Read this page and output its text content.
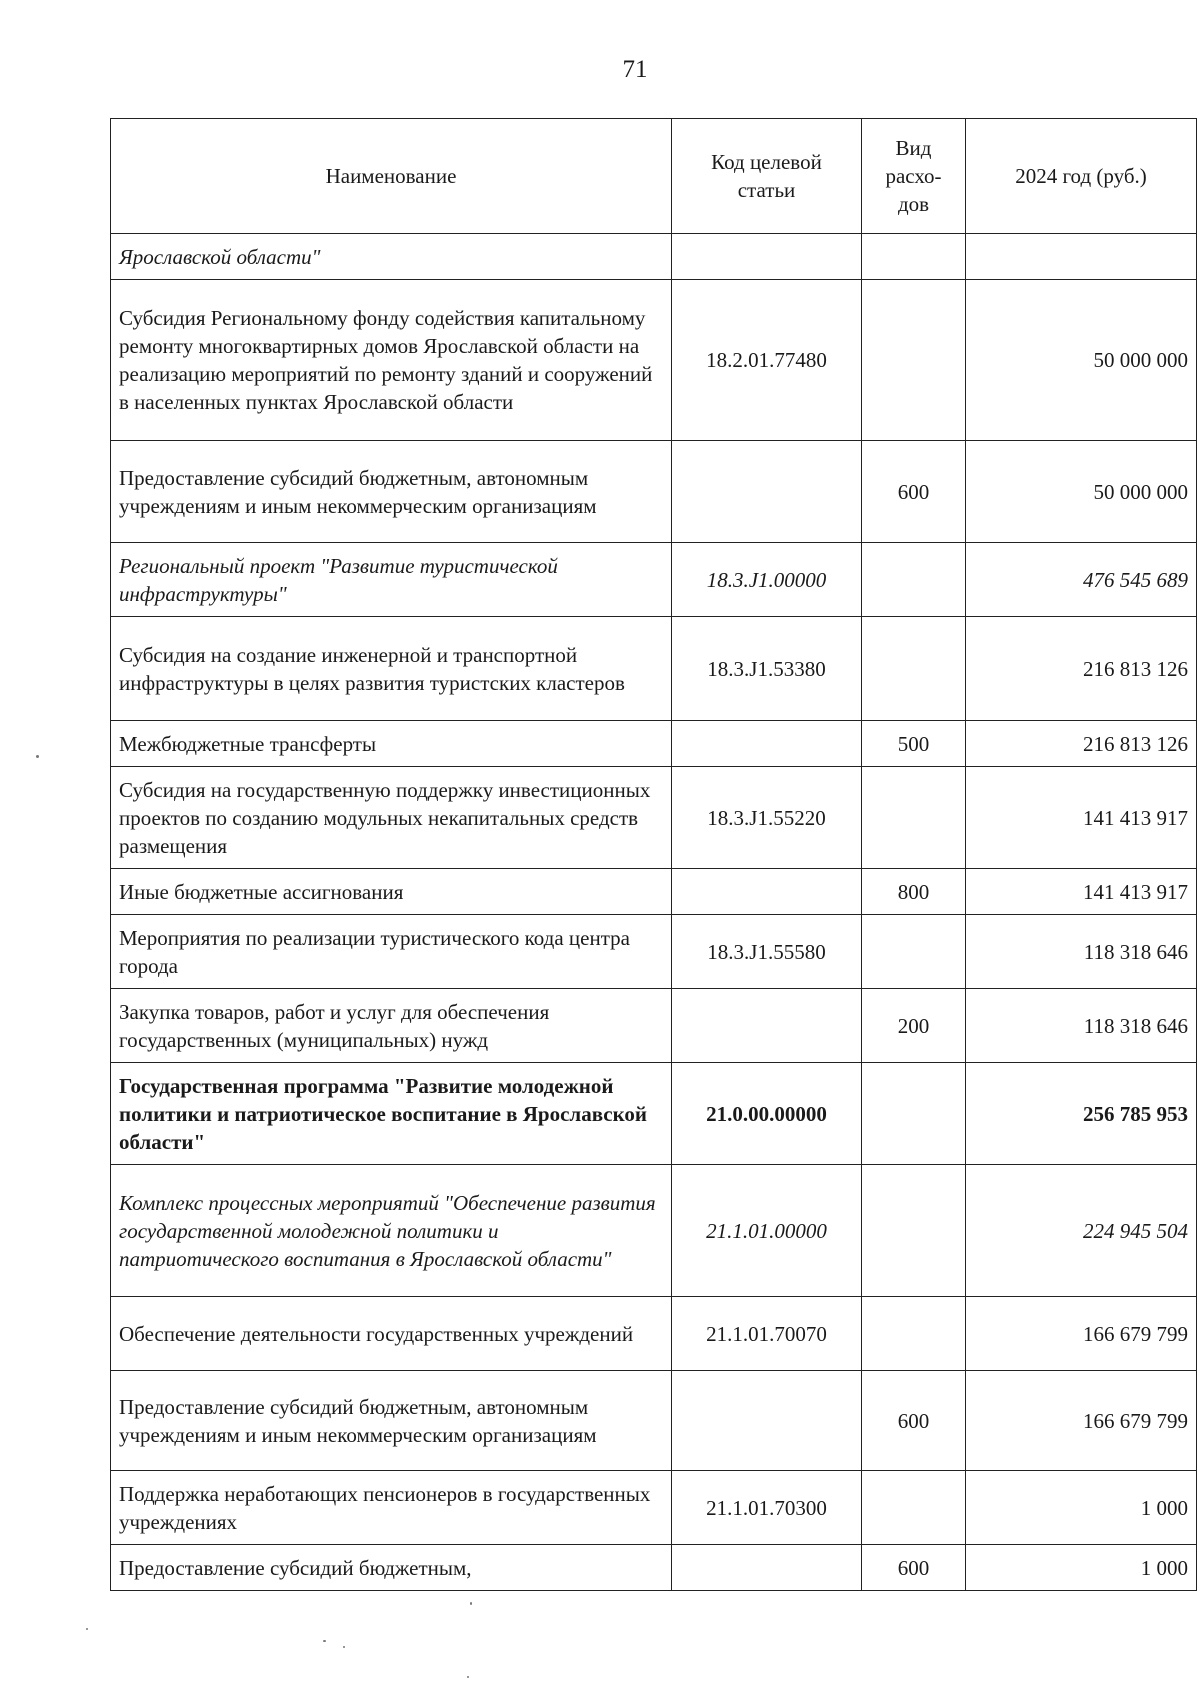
71
Наименование	Код целевой статьи	Вид расхо-дов	2024 год (руб.)
Ярославской области"			
Субсидия Региональному фонду содействия капитальному ремонту многоквартирных домов Ярославской области на реализацию мероприятий по ремонту зданий и сооружений в населенных пунктах Ярославской области	18.2.01.77480		50 000 000
Предоставление субсидий бюджетным, автономным учреждениям и иным некоммерческим организациям		600	50 000 000
Региональный проект "Развитие туристической инфраструктуры"	18.3.J1.00000		476 545 689
Субсидия на создание инженерной и транспортной инфраструктуры в целях развития туристских кластеров	18.3.J1.53380		216 813 126
Межбюджетные трансферты		500	216 813 126
Субсидия на государственную поддержку инвестиционных проектов по созданию модульных некапитальных средств размещения	18.3.J1.55220		141 413 917
Иные бюджетные ассигнования		800	141 413 917
Мероприятия по реализации туристического кода центра города	18.3.J1.55580		118 318 646
Закупка товаров, работ и услуг для обеспечения государственных (муниципальных) нужд		200	118 318 646
Государственная программа "Развитие молодежной политики и патриотическое воспитание в Ярославской области"	21.0.00.00000		256 785 953
Комплекс процессных мероприятий "Обеспечение развития государственной молодежной политики и патриотического воспитания в Ярославской области"	21.1.01.00000		224 945 504
Обеспечение деятельности государственных учреждений	21.1.01.70070		166 679 799
Предоставление субсидий бюджетным, автономным учреждениям и иным некоммерческим организациям		600	166 679 799
Поддержка неработающих пенсионеров в государственных учреждениях	21.1.01.70300		1 000
Предоставление субсидий бюджетным,		600	1 000
